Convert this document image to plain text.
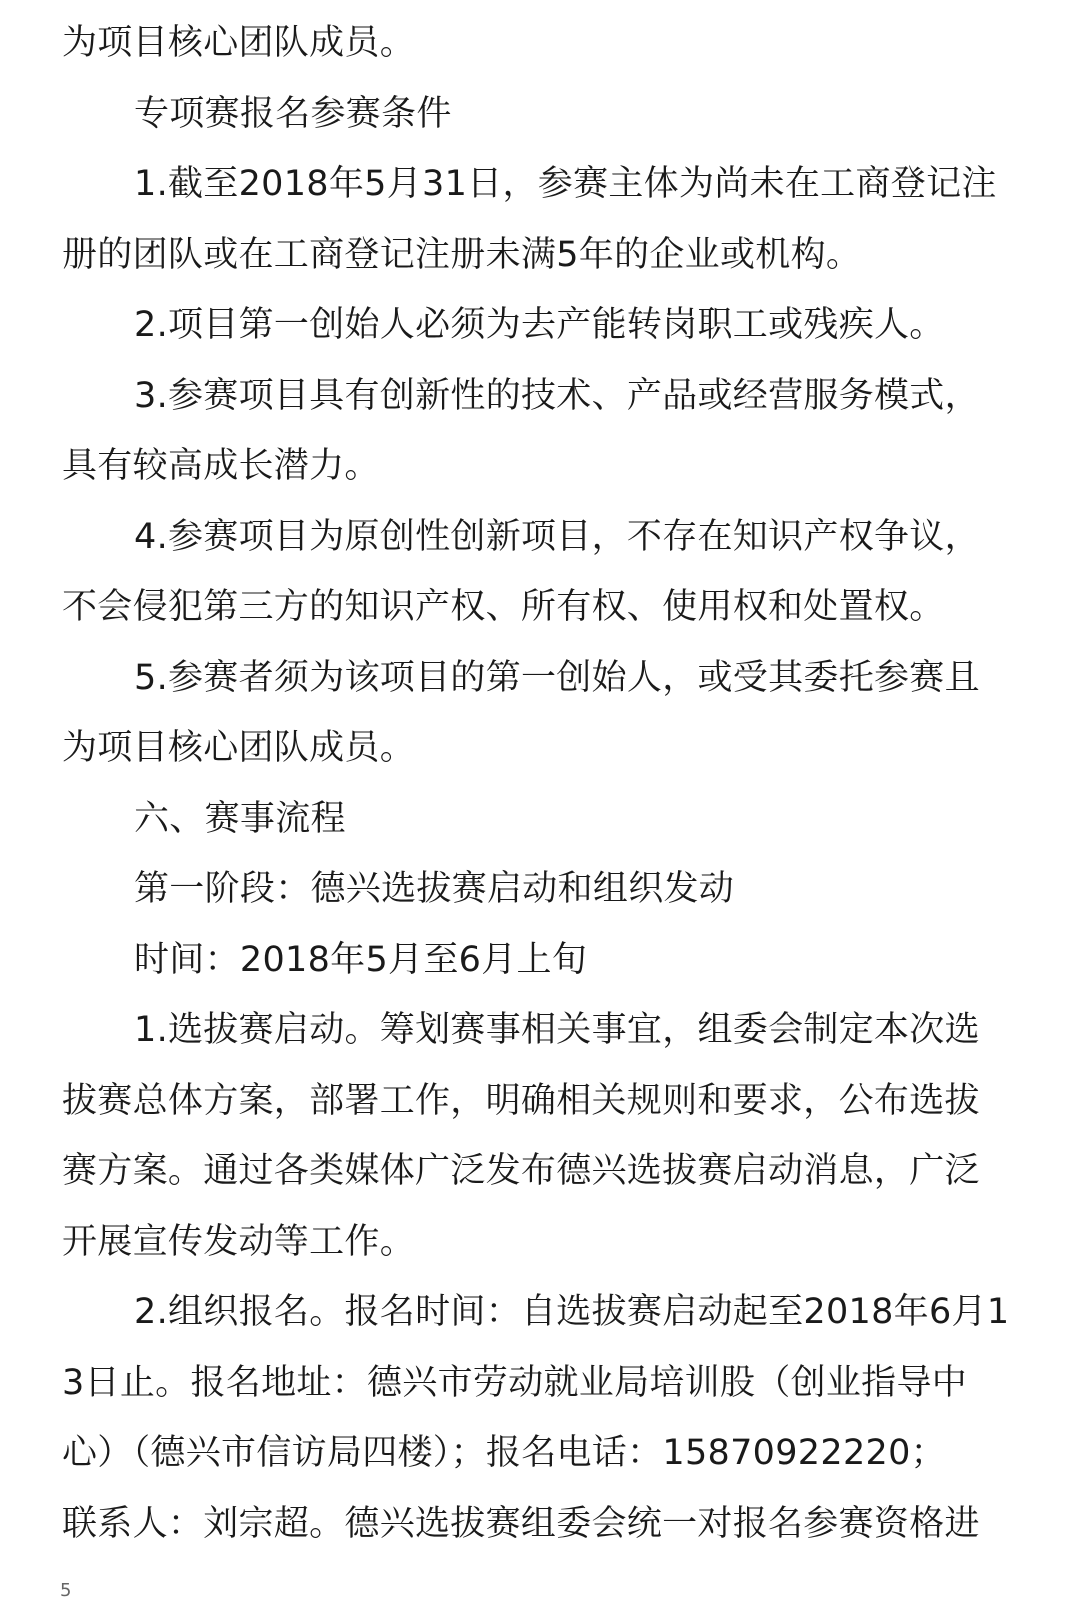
为项目核心团队成员。
专项赛报名参赛条件
1.截至2018年5月31日，参赛主体为尚未在工商登记注
册的团队或在工商登记注册未满5年的企业或机构。
2.项目第一创始人必须为去产能转岗职工或残疾人。
3.参赛项目具有创新性的技术、产品或经营服务模式，
具有较高成长潜力。
4.参赛项目为原创性创新项目，不存在知识产权争议，
不会侵犯第三方的知识产权、所有权、使用权和处置权。
5.参赛者须为该项目的第一创始人，或受其委托参赛且
为项目核心团队成员。
六、赛事流程
第一阶段：德兴选拔赛启动和组织发动
时间：2018年5月至6月上旬
1.选拔赛启动。筹划赛事相关事宜，组委会制定本次选
拔赛总体方案，部署工作，明确相关规则和要求，公布选拔
赛方案。通过各类媒体广泛发布德兴选拔赛启动消息，广泛
开展宣传发动等工作。
2.组织报名。报名时间：自选拔赛启动起至2018年6月1
3日止。报名地址：德兴市劳动就业局培训股（创业指导中
心）（德兴市信访局四楼）；报名电话：15870922220；
联系人：刘宗超。德兴选拔赛组委会统一对报名参赛资格进
5
